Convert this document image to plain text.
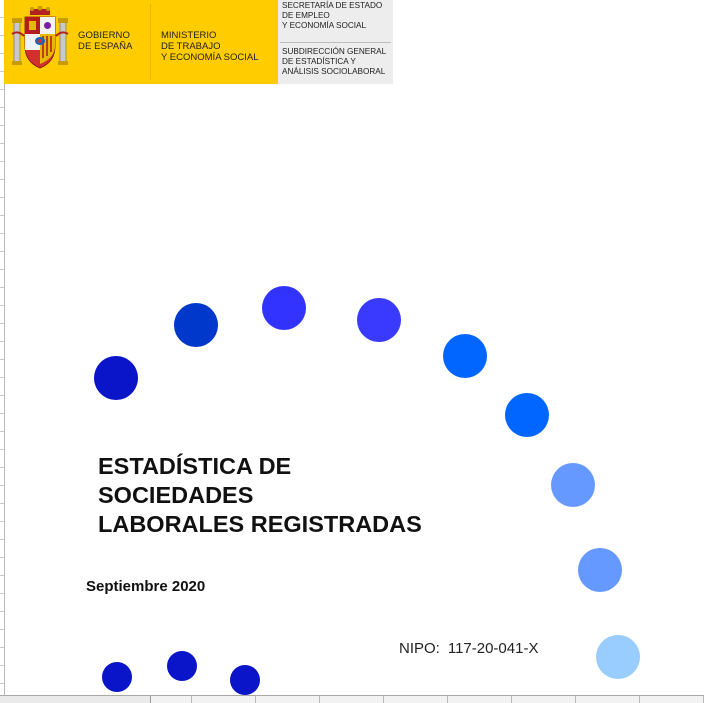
GOBIERNO
DE ESPAÑA
MINISTERIO
DE TRABAJO
Y ECONOMÍA SOCIAL
SECRETARÍA DE ESTADO
DE EMPLEO
Y ECONOMÍA SOCIAL
SUBDIRECCIÓN GENERAL
DE ESTADÍSTICA Y
ANÁLISIS SOCIOLABORAL
ESTADÍSTICA DE
SOCIEDADES
LABORALES REGISTRADAS
Septiembre 2020
NIPO: 117-20-041-X
